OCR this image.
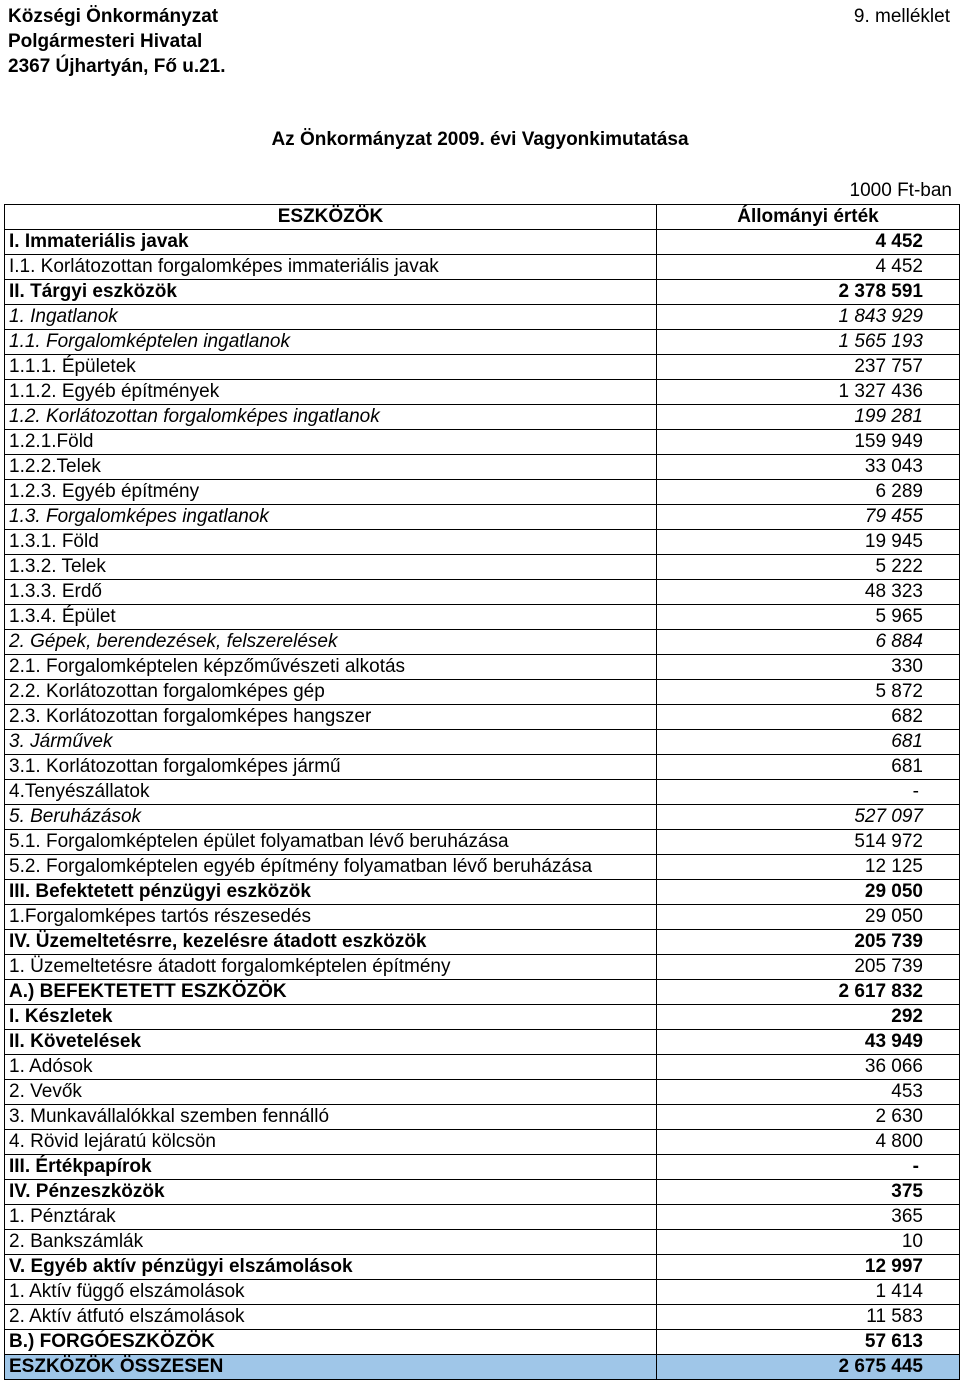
Községi Önkormányzat
Polgármesteri Hivatal
2367 Újhartyán, Fő u.21.
9. melléklet
Az Önkormányzat 2009. évi Vagyonkimutatása
1000 Ft-ban
ESZKÖZÖK	Állományi érték
I. Immateriális javak	4 452
I.1. Korlátozottan forgalomképes immateriális javak	4 452
II. Tárgyi eszközök	2 378 591
1. Ingatlanok	1 843 929
1.1. Forgalomképtelen ingatlanok	1 565 193
1.1.1. Épületek	237 757
1.1.2. Egyéb építmények	1 327 436
1.2. Korlátozottan forgalomképes ingatlanok	199 281
1.2.1.Föld	159 949
1.2.2.Telek	33 043
1.2.3. Egyéb építmény	6 289
1.3. Forgalomképes ingatlanok	79 455
1.3.1. Föld	19 945
1.3.2. Telek	5 222
1.3.3. Erdő	48 323
1.3.4. Épület	5 965
2. Gépek, berendezések, felszerelések	6 884
2.1. Forgalomképtelen képzőművészeti alkotás	330
2.2. Korlátozottan forgalomképes gép	5 872
2.3. Korlátozottan forgalomképes hangszer	682
3. Járművek	681
3.1. Korlátozottan forgalomképes jármű	681
4.Tenyészállatok	-
5. Beruházások	527 097
5.1. Forgalomképtelen épület folyamatban lévő beruházása	514 972
5.2. Forgalomképtelen egyéb építmény folyamatban lévő beruházása	12 125
III. Befektetett pénzügyi eszközök	29 050
1.Forgalomképes tartós részesedés	29 050
IV. Üzemeltetésrre, kezelésre átadott eszközök	205 739
1. Üzemeltetésre átadott forgalomképtelen építmény	205 739
A.) BEFEKTETETT ESZKÖZÖK	2 617 832
I. Készletek	292
II. Követelések	43 949
1. Adósok	36 066
2. Vevők	453
3. Munkavállalókkal szemben fennálló	2 630
4. Rövid lejáratú kölcsön	4 800
III. Értékpapírok	-
IV. Pénzeszközök	375
1. Pénztárak	365
2. Bankszámlák	10
V. Egyéb aktív pénzügyi elszámolások	12 997
1. Aktív függő elszámolások	1 414
2. Aktív átfutó elszámolások	11 583
B.) FORGÓESZKÖZÖK	57 613
ESZKÖZÖK ÖSSZESEN	2 675 445
